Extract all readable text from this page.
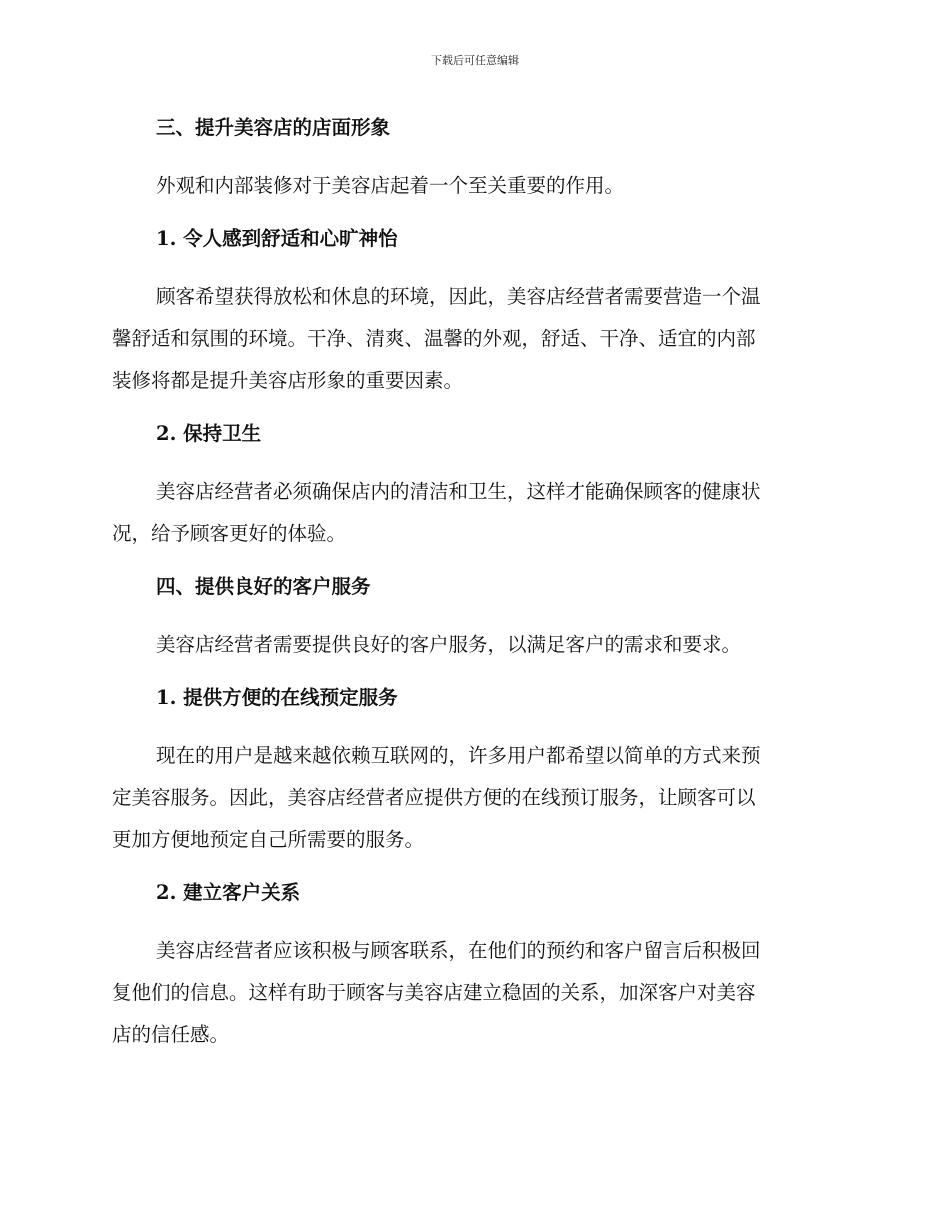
下载后可任意编辑
三、提升美容店的店面形象
外观和内部装修对于美容店起着一个至关重要的作用。
1. 令人感到舒适和心旷神怡
顾客希望获得放松和休息的环境，因此，美容店经营者需要营造一个温
馨舒适和氛围的环境。干净、清爽、温馨的外观，舒适、干净、适宜的内部
装修将都是提升美容店形象的重要因素。
2. 保持卫生
美容店经营者必须确保店内的清洁和卫生，这样才能确保顾客的健康状
况，给予顾客更好的体验。
四、提供良好的客户服务
美容店经营者需要提供良好的客户服务，以满足客户的需求和要求。
1. 提供方便的在线预定服务
现在的用户是越来越依赖互联网的，许多用户都希望以简单的方式来预
定美容服务。因此，美容店经营者应提供方便的在线预订服务，让顾客可以
更加方便地预定自己所需要的服务。
2. 建立客户关系
美容店经营者应该积极与顾客联系，在他们的预约和客户留言后积极回
复他们的信息。这样有助于顾客与美容店建立稳固的关系，加深客户对美容
店的信任感。
